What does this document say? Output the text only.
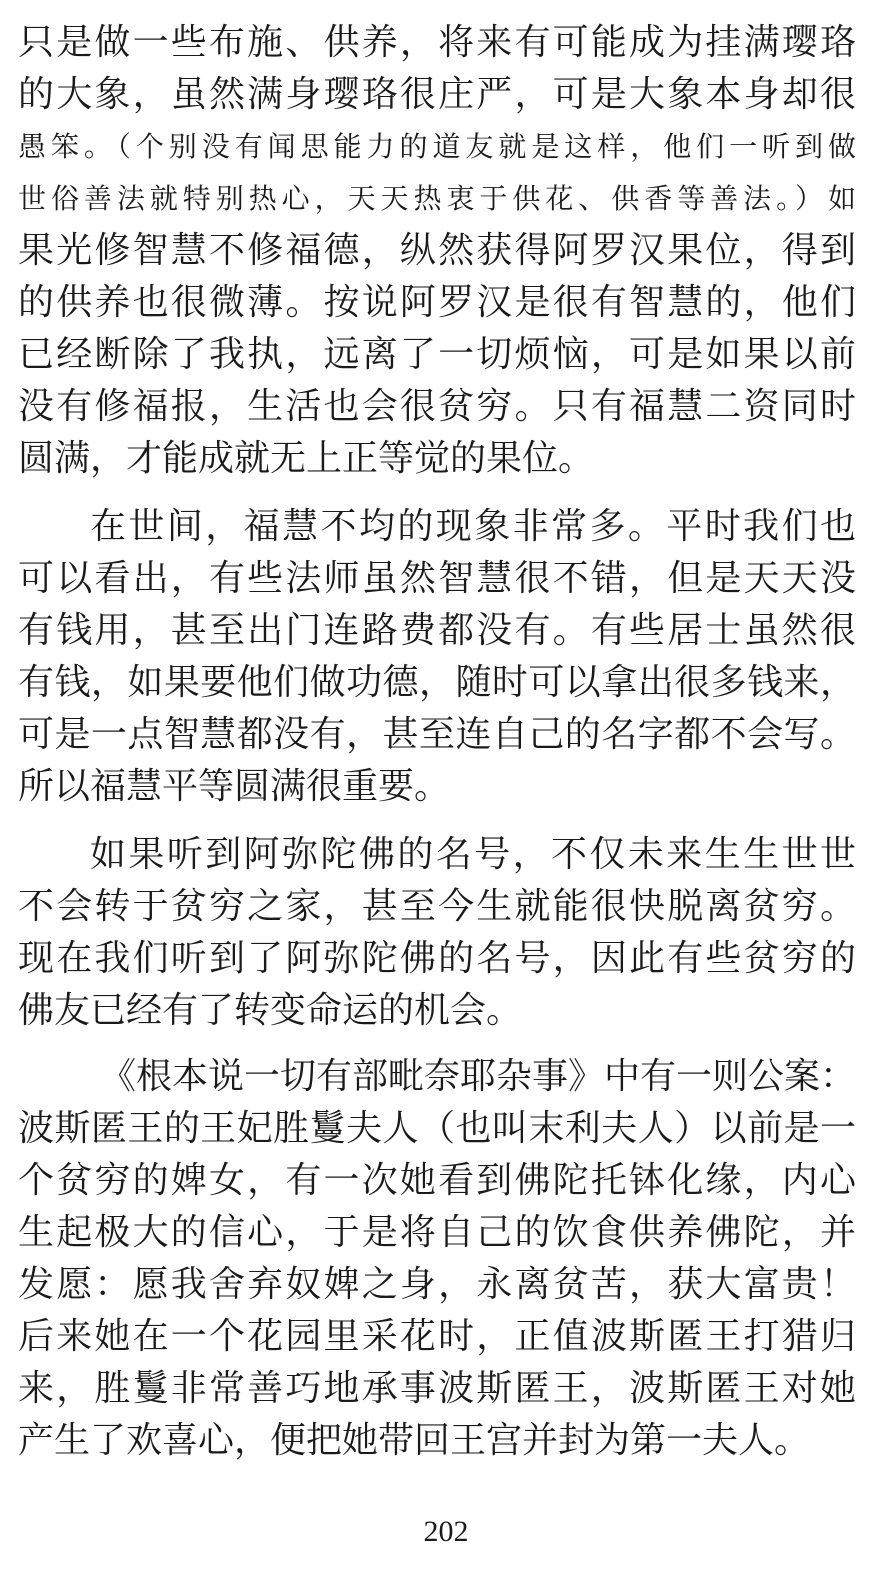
只是做一些布施、供养，将来有可能成为挂满璎珞
的大象，虽然满身璎珞很庄严，可是大象本身却很
愚笨。（个别没有闻思能力的道友就是这样，他们一听到做
世俗善法就特别热心，天天热衷于供花、供香等善法。）如
果光修智慧不修福德，纵然获得阿罗汉果位，得到
的供养也很微薄。按说阿罗汉是很有智慧的，他们
已经断除了我执，远离了一切烦恼，可是如果以前
没有修福报，生活也会很贫穷。只有福慧二资同时
圆满，才能成就无上正等觉的果位。
在世间，福慧不均的现象非常多。平时我们也
可以看出，有些法师虽然智慧很不错，但是天天没
有钱用，甚至出门连路费都没有。有些居士虽然很
有钱，如果要他们做功德，随时可以拿出很多钱来，
可是一点智慧都没有，甚至连自己的名字都不会写。
所以福慧平等圆满很重要。
如果听到阿弥陀佛的名号，不仅未来生生世世
不会转于贫穷之家，甚至今生就能很快脱离贫穷。
现在我们听到了阿弥陀佛的名号，因此有些贫穷的
佛友已经有了转变命运的机会。
《根本说一切有部毗奈耶杂事》中有一则公案：
波斯匿王的王妃胜鬘夫人（也叫末利夫人）以前是一
个贫穷的婢女，有一次她看到佛陀托钵化缘，内心
生起极大的信心，于是将自己的饮食供养佛陀，并
发愿：愿我舍弃奴婢之身，永离贫苦，获大富贵！
后来她在一个花园里采花时，正值波斯匿王打猎归
来，胜鬘非常善巧地承事波斯匿王，波斯匿王对她
产生了欢喜心，便把她带回王宫并封为第一夫人。
202
